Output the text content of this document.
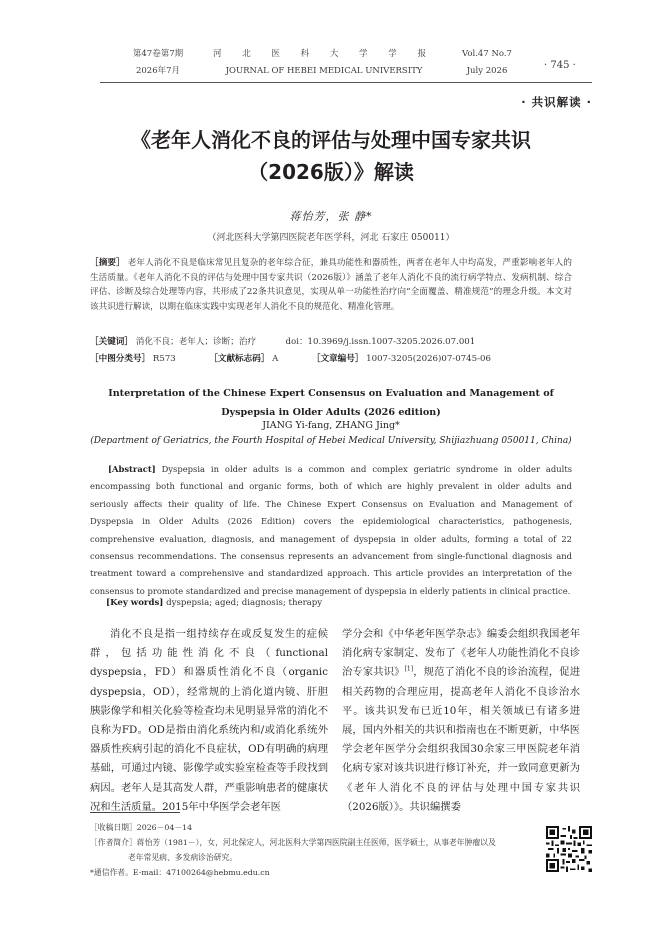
第47卷第7期
2026年7月
河 北 医 科 大 学 学 报
JOURNAL OF HEBEI MEDICAL UNIVERSITY
Vol.47 No.7
July 2026	· 745 ·
· 共识解读 ·
《老年人消化不良的评估与处理中国专家共识
（2026版）》解读
蒋怡芳，张 静*
（河北医科大学第四医院老年医学科，河北 石家庄 050011）
［摘要］ 老年人消化不良是临床常见且复杂的老年综合征，兼具功能性和器质性，两者在老年人中均高发，严重影响老年人的生活质量。《老年人消化不良的评估与处理中国专家共识（2026版）》涵盖了老年人消化不良的流行病学特点、发病机制、综合评估、诊断及综合处理等内容，共形成了22条共识意见，实现从单一功能性治疗向“全面覆盖、精准规范”的理念升级。本文对该共识进行解读，以期在临床实践中实现老年人消化不良的规范化、精准化管理。
［关键词］ 消化不良；老年人；诊断；治疗	doi：10.3969/j.issn.1007-3205.2026.07.001
［中图分类号］ R573	［文献标志码］ A	［文章编号］ 1007-3205(2026)07-0745-06
Interpretation of the Chinese Expert Consensus on Evaluation and Management of
Dyspepsia in Older Adults (2026 edition)
JIANG Yi-fang, ZHANG Jing*
(Department of Geriatrics, the Fourth Hospital of Hebei Medical University, Shijiazhuang 050011, China)
[Abstract] Dyspepsia in older adults is a common and complex geriatric syndrome in older adults encompassing both functional and organic forms, both of which are highly prevalent in older adults and seriously affects their quality of life. The Chinese Expert Consensus on Evaluation and Management of Dyspepsia in Older Adults (2026 Edition) covers the epidemiological characteristics, pathogenesis, comprehensive evaluation, diagnosis, and management of dyspepsia in older adults, forming a total of 22 consensus recommendations. The consensus represents an advancement from single-functional diagnosis and treatment toward a comprehensive and standardized approach. This article provides an interpretation of the consensus to promote standardized and precise management of dyspepsia in elderly patients in clinical practice.
[Key words] dyspepsia; aged; diagnosis; therapy
消化不良是指一组持续存在或反复发生的症候群，包括功能性消化不良（functional dyspepsia，FD）和器质性消化不良（organic dyspepsia，OD），经常规的上消化道内镜、肝胆胰影像学和相关化验等检查均未见明显异常的消化不良称为FD。OD是指由消化系统内和/或消化系统外器质性疾病引起的消化不良症状，OD有明确的病理基础，可通过内镜、影像学或实验室检查等手段找到病因。老年人是其高发人群，严重影响患者的健康状况和生活质量。2015年中华医学会老年医
学分会和《中华老年医学杂志》编委会组织我国老年消化病专家制定、发布了《老年人功能性消化不良诊治专家共识》[1]，规范了消化不良的诊治流程，促进相关药物的合理应用，提高老年人消化不良诊治水平。该共识发布已近10年，相关领域已有诸多进展，国内外相关的共识和指南也在不断更新，中华医学会老年医学分会组织我国30余家三甲医院老年消化病专家对该共识进行修订补充，并一致同意更新为《老年人消化不良的评估与处理中国专家共识（2026版）》。共识编撰委
［收稿日期］2026－04－14
［作者简介］蒋怡芳（1981－），女，河北保定人，河北医科大学第四医院副主任医师，医学硕士，从事老年肿瘤以及
老年常见病、多发病诊治研究。
*通信作者。E-mail：47100264@hebmu.edu.cn
